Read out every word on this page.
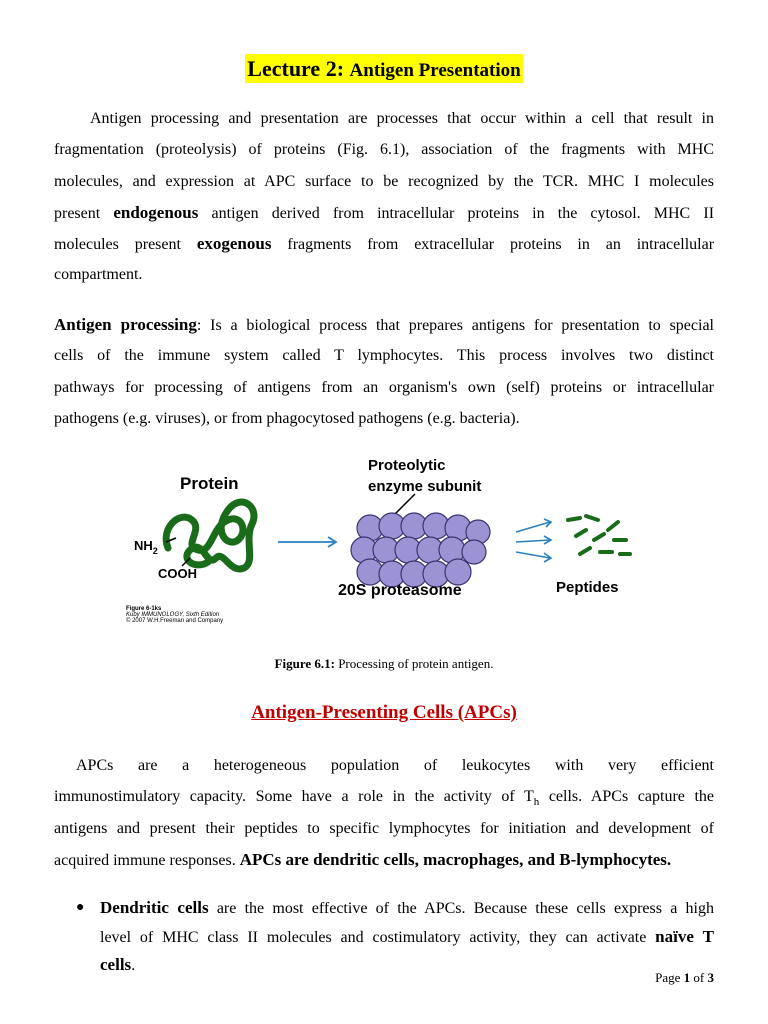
Lecture 2: Antigen Presentation
Antigen processing and presentation are processes that occur within a cell that result in
fragmentation (proteolysis) of proteins (Fig. 6.1), association of the fragments with MHC
molecules, and expression at APC surface to be recognized by the TCR. MHC I molecules
present endogenous antigen derived from intracellular proteins in the cytosol. MHC II
molecules present exogenous fragments from extracellular proteins in an intracellular
compartment.
Antigen processing: Is a biological process that prepares antigens for presentation to special
cells of the immune system called T lymphocytes. This process involves two distinct
pathways for processing of antigens from an organism's own (self) proteins or intracellular
pathogens (e.g. viruses), or from phagocytosed pathogens (e.g. bacteria).
Protein
$NH_2$
COOH
Proteolytic
enzyme subunit
20S proteasome	Peptides
Figure 6-1ks
Kuby IMMUNOLOGY, Sixth Edition
© 2007 W.H.Freeman and Company
Figure 6.1: Processing of protein antigen.
Antigen-Presenting Cells (APCs)
APCs are a heterogeneous population of leukocytes with very efficient
immunostimulatory capacity. Some have a role in the activity of $T_h$ cells. APCs capture the
antigens and present their peptides to specific lymphocytes for initiation and development of
acquired immune responses. APCs are dendritic cells, macrophages, and B-lymphocytes.
● Dendritic cells are the most effective of the APCs. Because these cells express a high
level of MHC class II molecules and costimulatory activity, they can activate naïve T
cells.
Page 1 of 3
